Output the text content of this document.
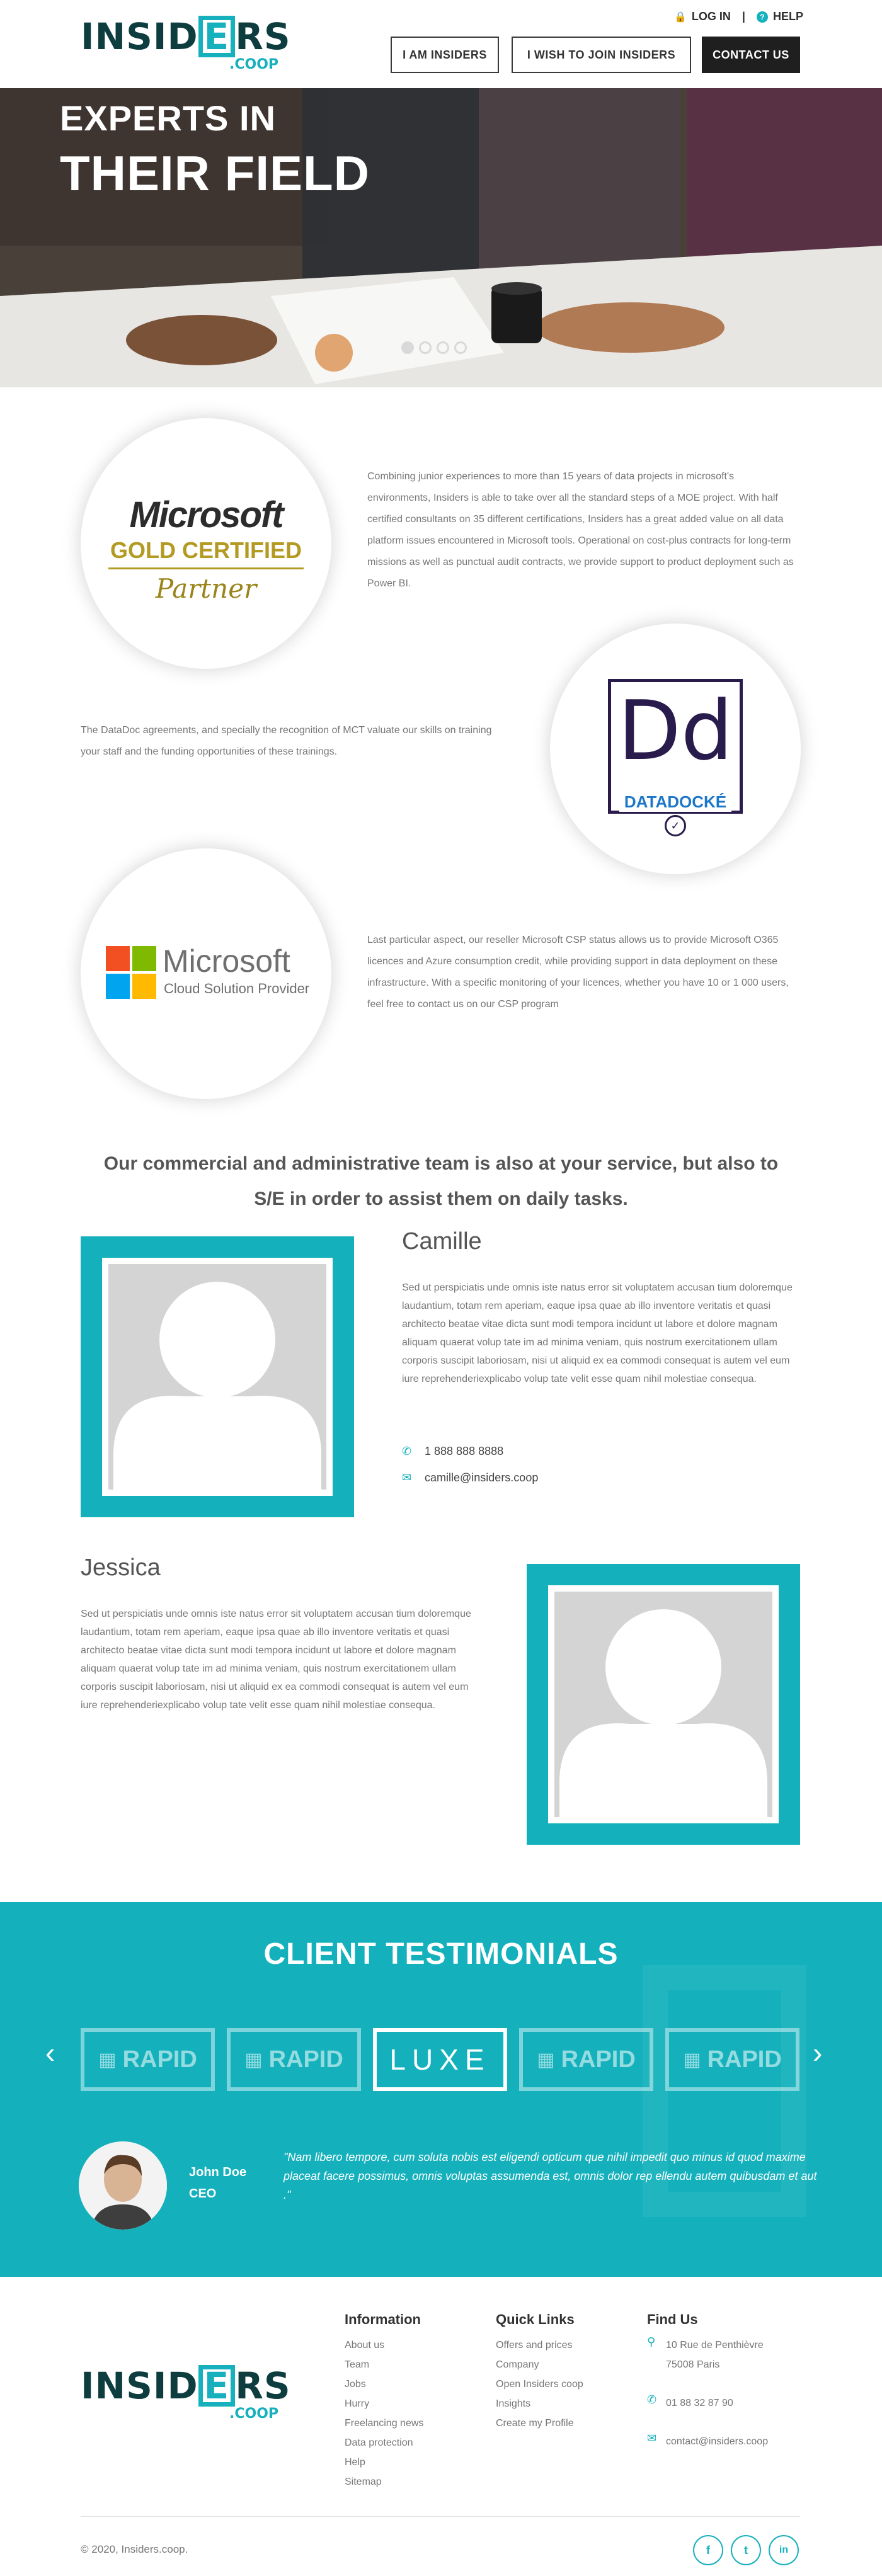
INSID E RS
.COOP
🔒 LOG IN |	? HELP
I AM INSIDERS	I WISH TO JOIN INSIDERS	CONTACT US
EXPERTS IN
THEIR FIELD
Microsoft
GOLD CERTIFIED
Partner
Combining junior experiences to more than 15 years of data projects in microsoft's environments, Insiders is able to take over all the standard steps of a MOE project. With half certified consultants on 35 different certifications, Insiders has a great added value on all data platform issues encountered in Microsoft tools. Operational on cost-plus contracts for long-term missions as well as punctual audit contracts, we provide support to product deployment such as Power BI.
The DataDoc agreements, and specially the recognition of MCT valuate our skills on training your staff and the funding opportunities of these trainings.	Dd
DATADOCKÉ
✓
Microsoft
Cloud Solution Provider
Last particular aspect, our reseller Microsoft CSP status allows us to provide Microsoft O365 licences and Azure consumption credit, while providing support in data deployment on these infrastructure. With a specific monitoring of your licences, whether you have 10 or 1 000 users, feel free to contact us on our CSP program
Our commercial and administrative team is also at your service, but also to S/E in order to assist them on daily tasks.
Camille
Sed ut perspiciatis unde omnis iste natus error sit voluptatem accusan tium doloremque laudantium, totam rem aperiam, eaque ipsa quae ab illo inventore veritatis et quasi architecto beatae vitae dicta sunt modi tempora incidunt ut labore et dolore magnam aliquam quaerat volup tate im ad minima veniam, quis nostrum exercitationem ullam corporis suscipit laboriosam, nisi ut aliquid ex ea commodi consequat is autem vel eum iure reprehenderiexplicabo volup tate velit esse quam nihil molestiae consequa.
✆	1 888 888 8888
✉	camille@insiders.coop
Jessica
Sed ut perspiciatis unde omnis iste natus error sit voluptatem accusan tium doloremque laudantium, totam rem aperiam, eaque ipsa quae ab illo inventore veritatis et quasi architecto beatae vitae dicta sunt modi tempora incidunt ut labore et dolore magnam aliquam quaerat volup tate im ad minima veniam, quis nostrum exercitationem ullam corporis suscipit laboriosam, nisi ut aliquid ex ea commodi consequat is autem vel eum iure reprehenderiexplicabo volup tate velit esse quam nihil molestiae consequa.
CLIENT TESTIMONIALS
‹ ▦ RAPID	▦ RAPID LUXE ▦ RAPID	▦ RAPID ›
John Doe
CEO
"Nam libero tempore, cum soluta nobis est eligendi opticum que nihil impedit quo minus id quod maxime placeat facere possimus, omnis voluptas assumenda est, omnis dolor rep ellendu autem quibusdam et aut ."
INSID E RS
.COOP
Information
About us
Team
Jobs
Hurry
Freelancing news
Data protection
Help
Sitemap
Quick Links
Offers and prices
Company
Open Insiders coop
Insights
Create my Profile
Find Us
⚲	10 Rue de Penthièvre
75008 Paris
✆ 01 88 32 87 90
✉ contact@insiders.coop
© 2020, Insiders.coop.	f	t	in
